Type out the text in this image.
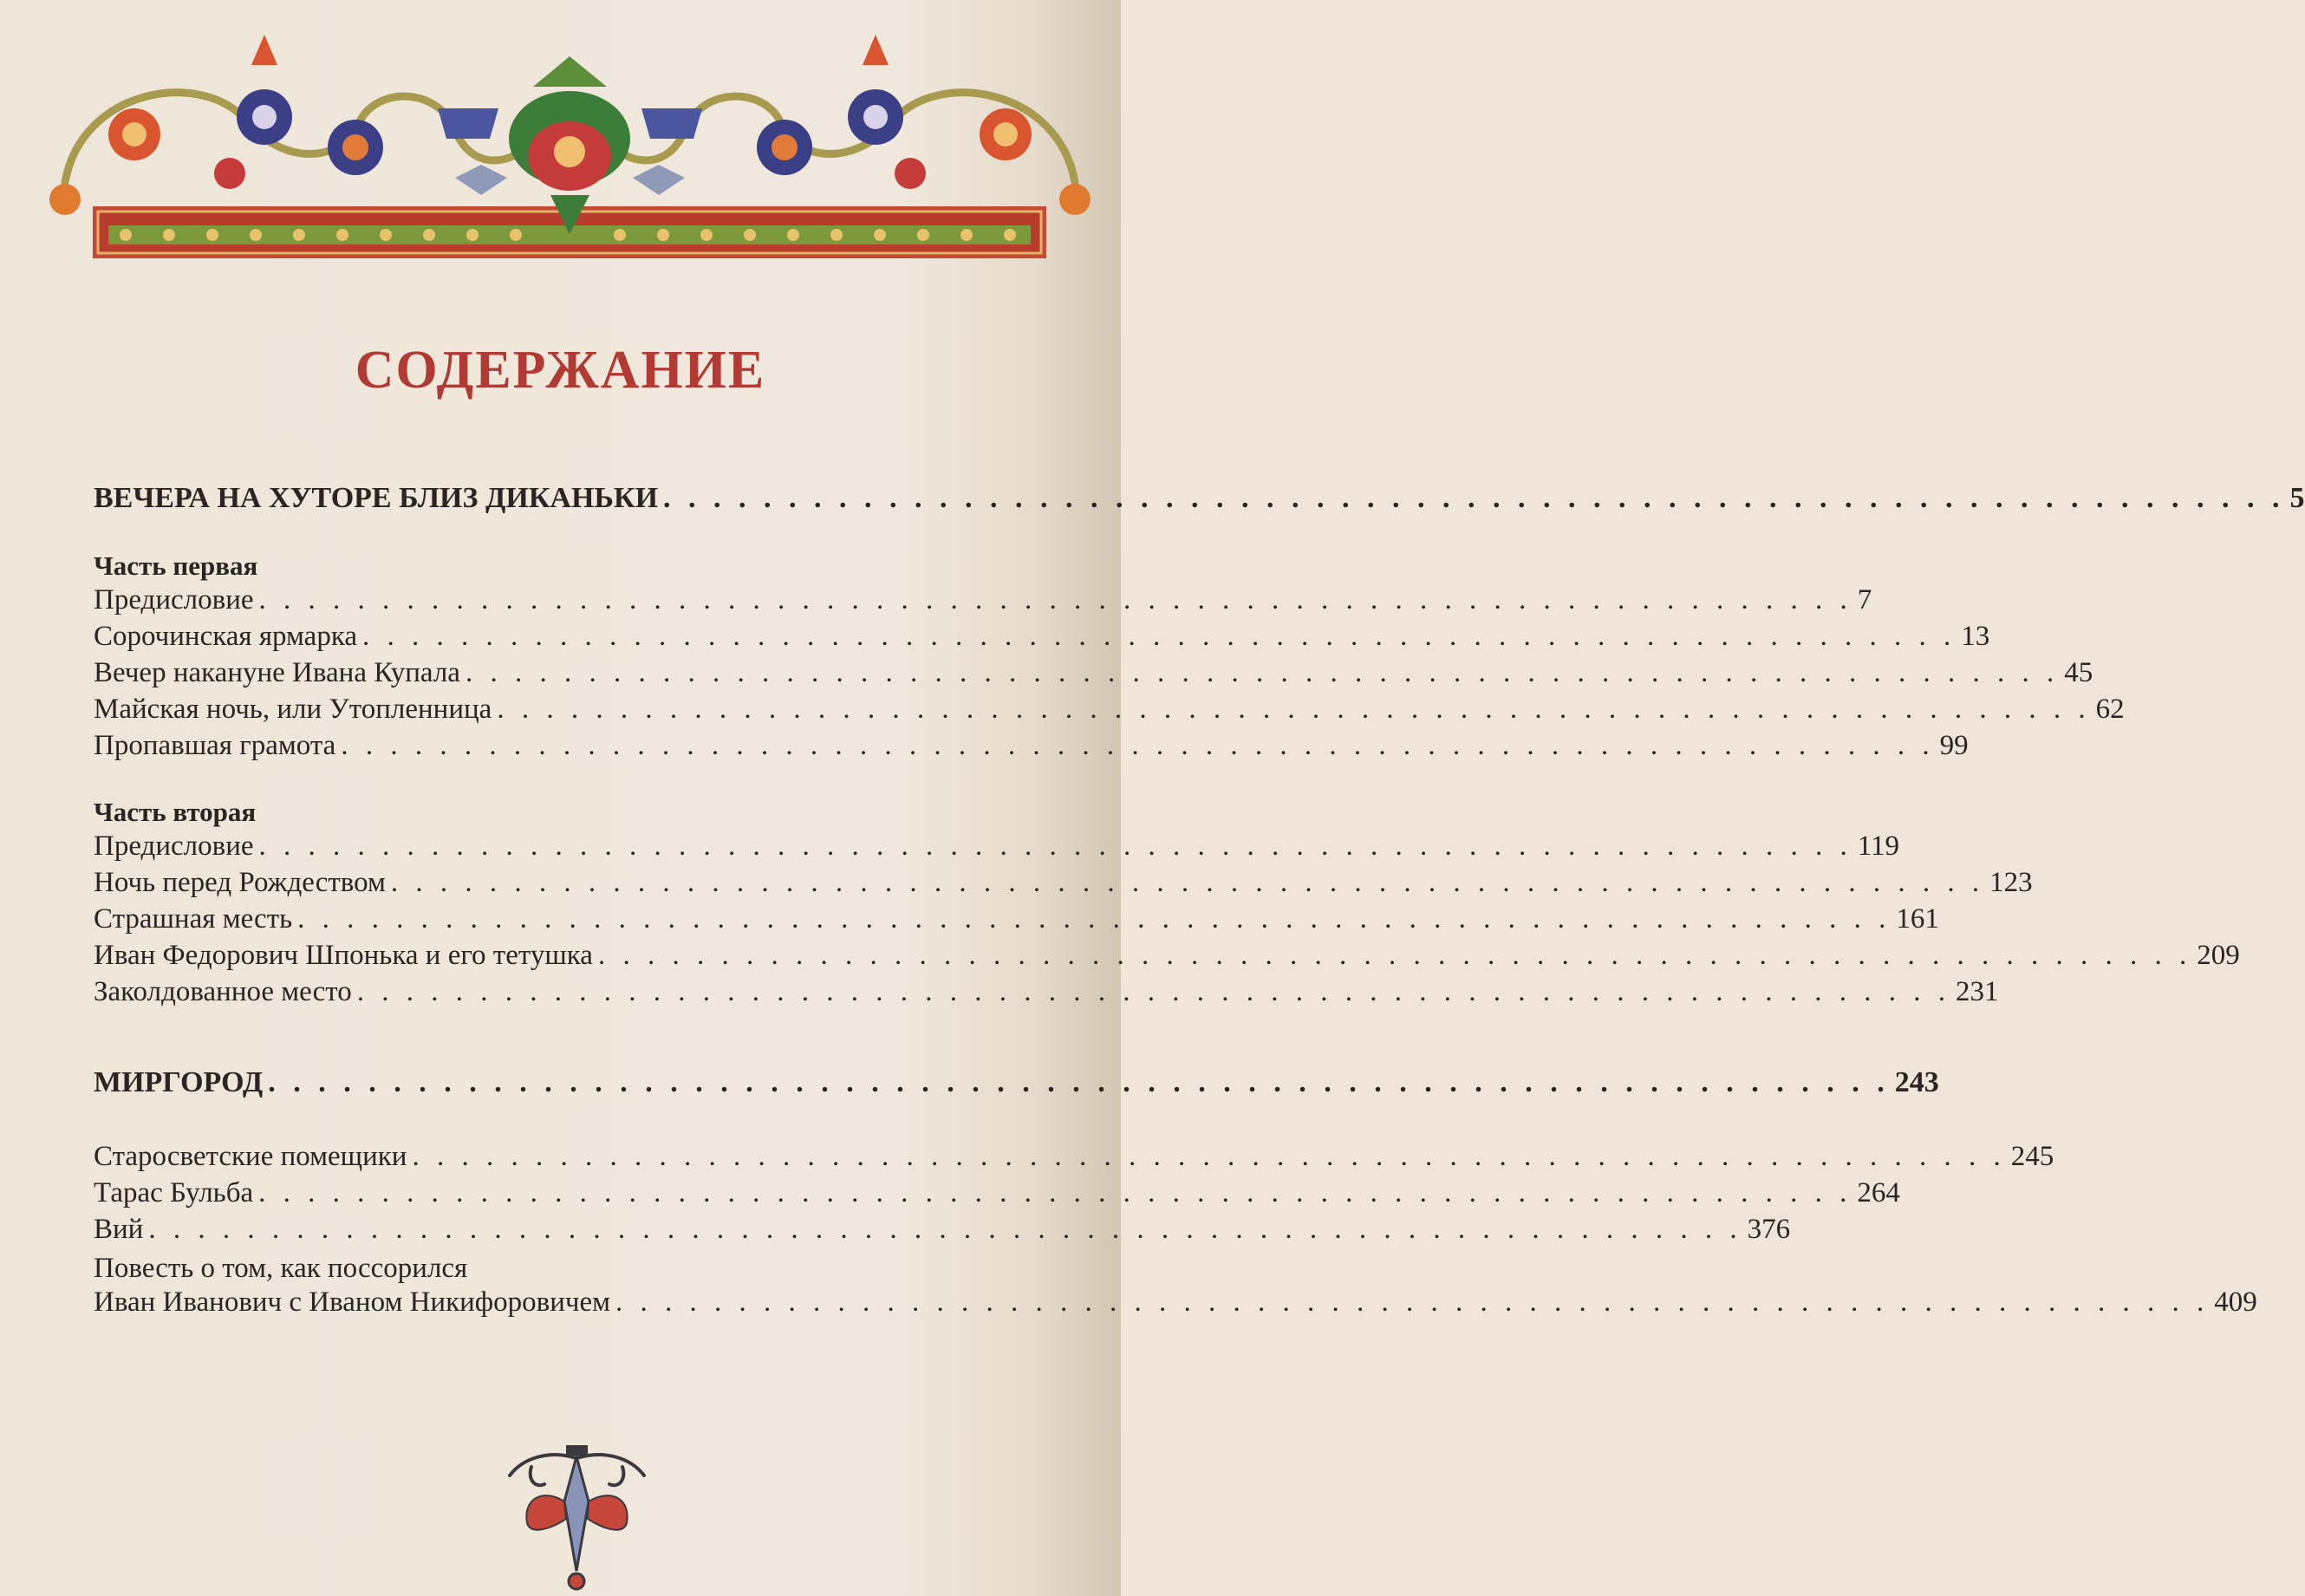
СОДЕРЖАНИЕ
ВЕЧЕРА НА ХУТОРЕ БЛИЗ ДИКАНЬКИ . . . . . . . . . . . . . . . . . . . . . . . . . . . . . . . . . . . . . . . . . . . . . . . . . . . . . . . . . . . . . . . . . 5
Часть первая
Предисловие . . . . . . . . . . . . . . . . . . . . . . . . . . . . . . . . . . . . . . . . . . . . . . . . . . . . . . . . . . . . . . . . . 7
Сорочинская ярмарка . . . . . . . . . . . . . . . . . . . . . . . . . . . . . . . . . . . . . . . . . . . . . . . . . . . . . . . . . . . . . . . . . 13
Вечер накануне Ивана Купала . . . . . . . . . . . . . . . . . . . . . . . . . . . . . . . . . . . . . . . . . . . . . . . . . . . . . . . . . . . . . . . . . 45
Майская ночь, или Утопленница . . . . . . . . . . . . . . . . . . . . . . . . . . . . . . . . . . . . . . . . . . . . . . . . . . . . . . . . . . . . . . . . . 62
Пропавшая грамота . . . . . . . . . . . . . . . . . . . . . . . . . . . . . . . . . . . . . . . . . . . . . . . . . . . . . . . . . . . . . . . . . 99
Часть вторая
Предисловие . . . . . . . . . . . . . . . . . . . . . . . . . . . . . . . . . . . . . . . . . . . . . . . . . . . . . . . . . . . . . . . . . 119
Ночь перед Рождеством . . . . . . . . . . . . . . . . . . . . . . . . . . . . . . . . . . . . . . . . . . . . . . . . . . . . . . . . . . . . . . . . . 123
Страшная месть . . . . . . . . . . . . . . . . . . . . . . . . . . . . . . . . . . . . . . . . . . . . . . . . . . . . . . . . . . . . . . . . . 161
Иван Федорович Шпонька и его тетушка . . . . . . . . . . . . . . . . . . . . . . . . . . . . . . . . . . . . . . . . . . . . . . . . . . . . . . . . . . . . . . . . . 209
Заколдованное место . . . . . . . . . . . . . . . . . . . . . . . . . . . . . . . . . . . . . . . . . . . . . . . . . . . . . . . . . . . . . . . . . 231
МИРГОРОД . . . . . . . . . . . . . . . . . . . . . . . . . . . . . . . . . . . . . . . . . . . . . . . . . . . . . . . . . . . . . . . . . 243
Старосветские помещики . . . . . . . . . . . . . . . . . . . . . . . . . . . . . . . . . . . . . . . . . . . . . . . . . . . . . . . . . . . . . . . . . 245
Тарас Бульба . . . . . . . . . . . . . . . . . . . . . . . . . . . . . . . . . . . . . . . . . . . . . . . . . . . . . . . . . . . . . . . . . 264
Вий . . . . . . . . . . . . . . . . . . . . . . . . . . . . . . . . . . . . . . . . . . . . . . . . . . . . . . . . . . . . . . . . . 376
Повесть о том, как поссорился
Иван Иванович с Иваном Никифоровичем . . . . . . . . . . . . . . . . . . . . . . . . . . . . . . . . . . . . . . . . . . . . . . . . . . . . . . . . . . . . . . . . . 409
